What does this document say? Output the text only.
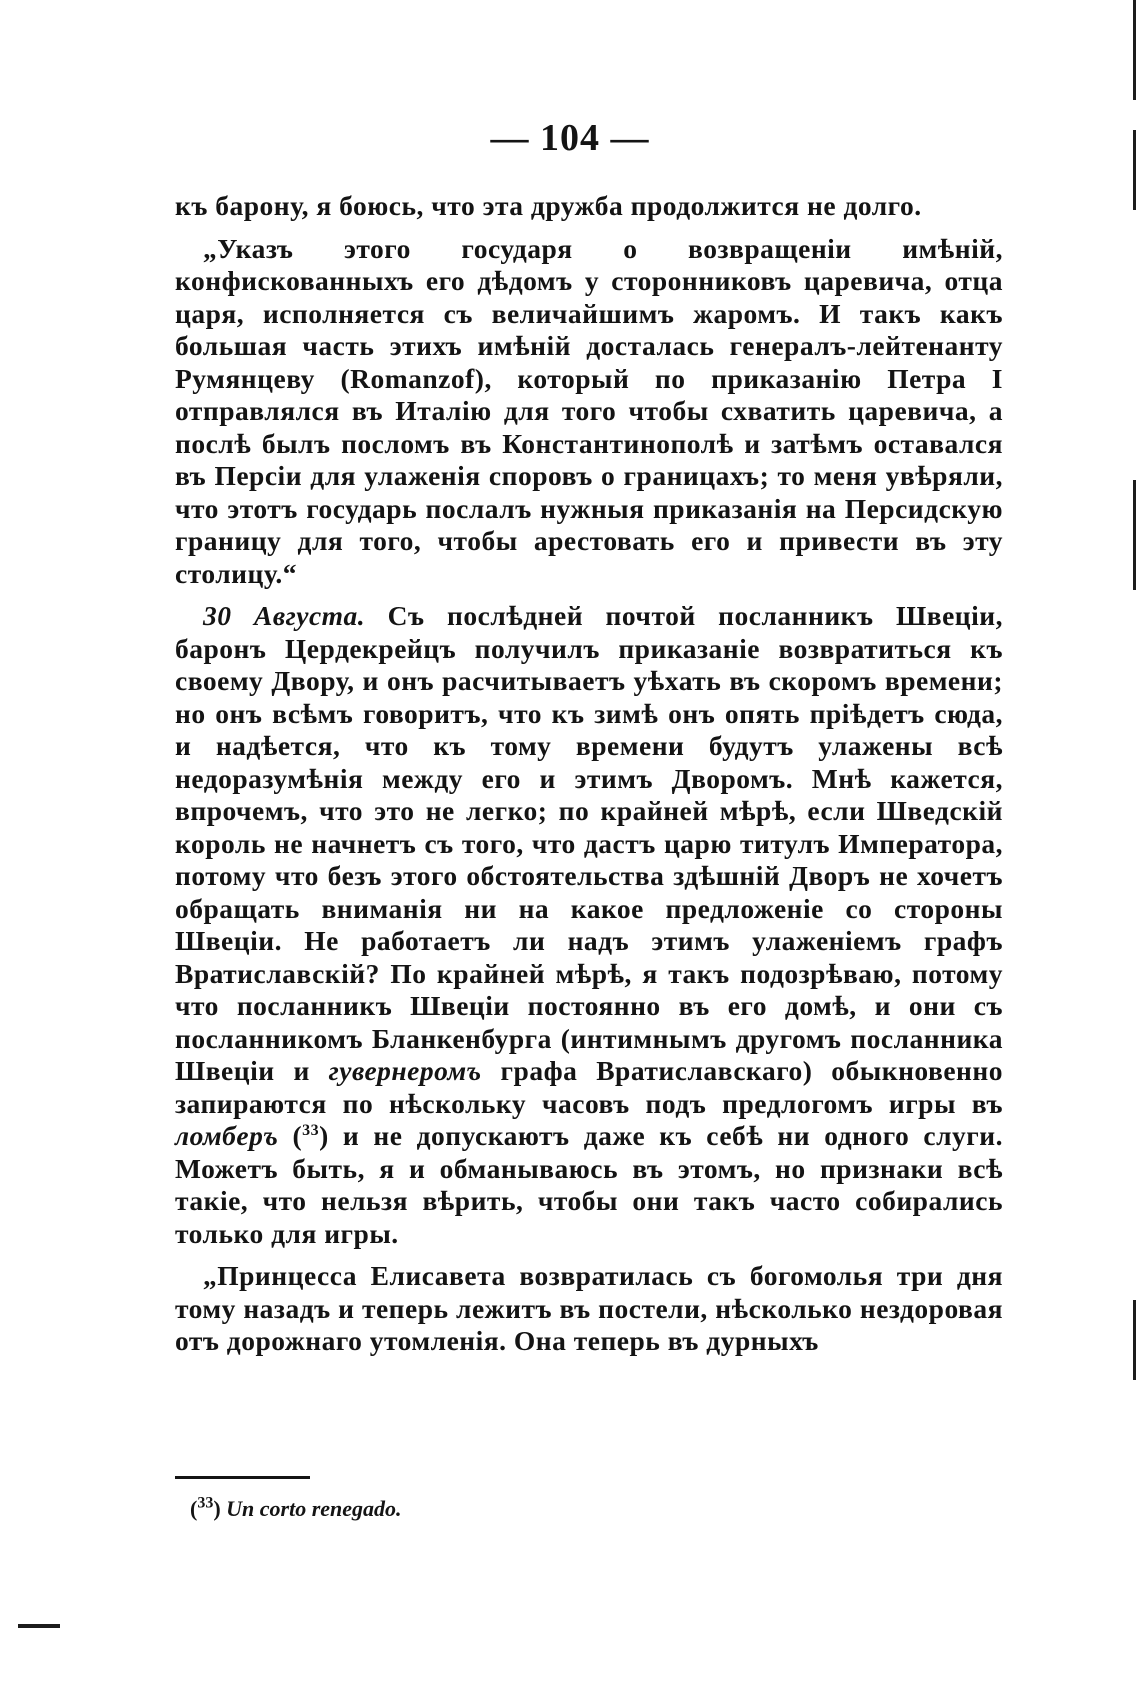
— 104 —

къ барону, я боюсь, что эта дружба продолжится не долго.

„Указъ этого государя о возвращеніи имѣній, конфискованныхъ его дѣдомъ у сторонниковъ царевича, отца царя, исполняется съ величайшимъ жаромъ. И такъ какъ большая часть этихъ имѣній досталась генералъ-лейтенанту Румянцеву (Romanzof), который по приказанію Петра I отправлялся въ Италію для того чтобы схватить царевича, а послѣ былъ посломъ въ Константинополѣ и затѣмъ оставался въ Персіи для улаженія споровъ о границахъ; то меня увѣряли, что этотъ государь послалъ нужныя приказанія на Персидскую границу для того, чтобы арестовать его и привести въ эту столицу.“

30 Августа. Съ послѣдней почтой посланникъ Швеціи, баронъ Цердекрейцъ получилъ приказаніе возвратиться къ своему Двору, и онъ расчитываетъ уѣхать въ скоромъ времени; но онъ всѣмъ говоритъ, что къ зимѣ онъ опять пріѣдетъ сюда, и надѣется, что къ тому времени будутъ улажены всѣ недоразумѣнія между его и этимъ Дворомъ. Мнѣ кажется, впрочемъ, что это не легко; по крайней мѣрѣ, если Шведскій король не начнетъ съ того, что дастъ царю титулъ Императора, потому что безъ этого обстоятельства здѣшній Дворъ не хочетъ обращать вниманія ни на какое предложеніе со стороны Швеціи. Не работаетъ ли надъ этимъ улаженіемъ графъ Вратиславскій? По крайней мѣрѣ, я такъ подозрѣваю, потому что посланникъ Швеціи постоянно въ его домѣ, и они съ посланникомъ Бланкенбурга (интимнымъ другомъ посланника Швеціи и гувернеромъ графа Вратиславскаго) обыкновенно запираются по нѣскольку часовъ подъ предлогомъ игры въ ломберъ ($^{33}$) и не допускаютъ даже къ себѣ ни одного слуги. Можетъ быть, я и обманываюсь въ этомъ, но признаки всѣ такіе, что нельзя вѣрить, чтобы они такъ часто собирались только для игры.

„Принцесса Елисавета возвратилась съ богомолья три дня тому назадъ и теперь лежитъ въ постели, нѣсколько нездоровая отъ дорожнаго утомленія. Она теперь въ дурныхъ

($^{33}$) Un corto renegado.
